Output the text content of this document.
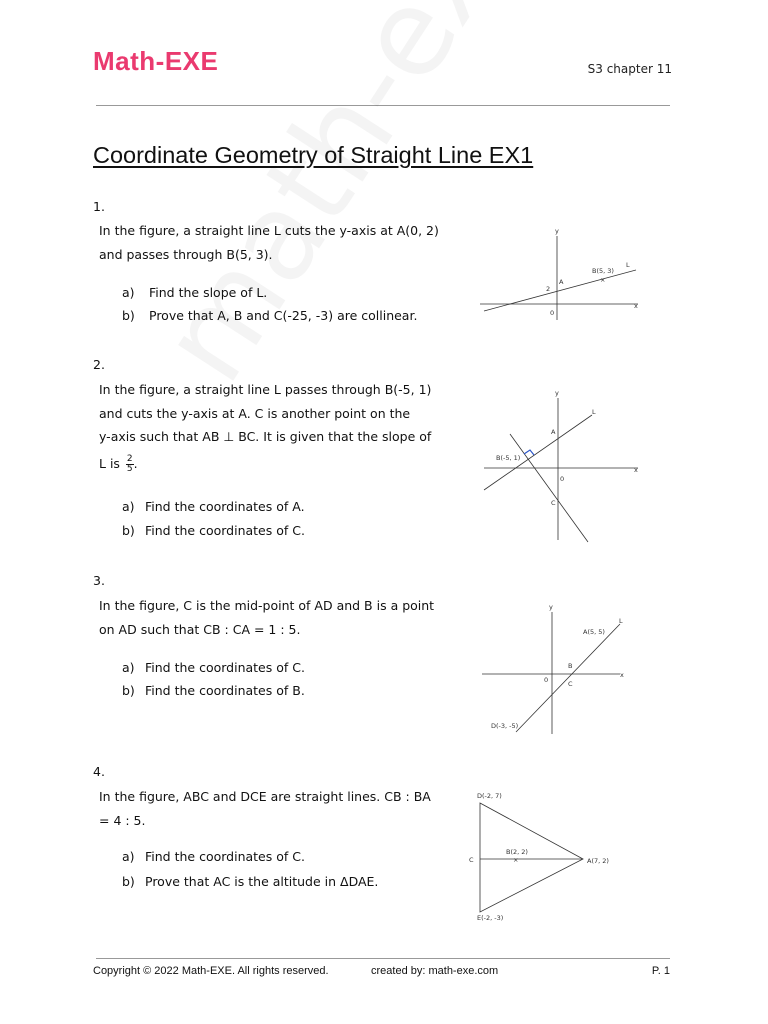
Math-EXE	S3 chapter 11
Coordinate Geometry of Straight Line EX1
1.
In the figure, a straight line L cuts the y-axis at A(0, 2)
and passes through B(5, 3).
a) Find the slope of L.
b) Prove that A, B and C(-25, -3) are collinear.
y
x
0
A
2
B(5, 3)
L
×
2.
In the figure, a straight line L passes through B(-5, 1)
and cuts the y-axis at A. C is another point on the
y-axis such that AB ⊥ BC. It is given that the slope of
L is $\frac{2}{5}$ .
a) Find the coordinates of A.
b) Find the coordinates of C.
y
x
0
A
B(-5, 1)
C
L
3.
In the figure, C is the mid-point of AD and B is a point
on AD such that CB : CA = 1 : 5.
a) Find the coordinates of C.
b) Find the coordinates of B.
y
x
0
A(5, 5)
B
C
D(-3, -5)
L
4.
In the figure, ABC and DCE are straight lines. CB : BA
= 4 : 5.
a) Find the coordinates of C.
b) Prove that AC is the altitude in ΔDAE.
D(-2, 7)
B(2, 2)
A(7, 2)
C
E(-2, -3)
×
Copyright © 2022 Math-EXE. All rights reserved.	created by: math-exe.com	P. 1
